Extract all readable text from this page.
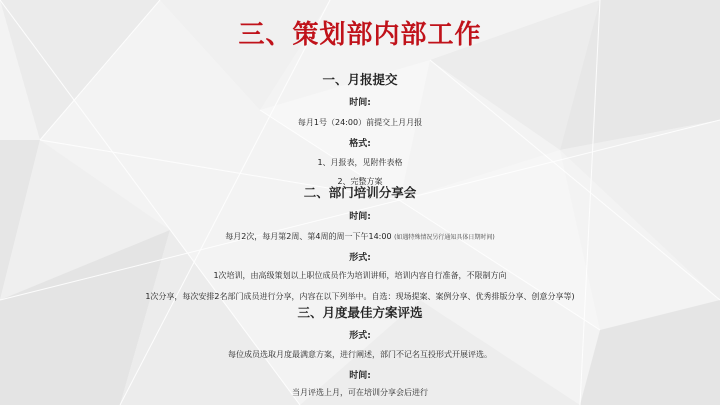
三、策划部内部工作
一、月报提交
时间:
每月1号（24:00）前提交上月月报
格式:
1、月报表，见附件表格
2、完整方案
二、部门培训分享会
时间:
每月2次，每月第2周、第4周的周一下午14:00 (如遇特殊情况另行通知具体日期时间)
形式:
1次培训，由高级策划以上职位成员作为培训讲师，培训内容自行准备，不限制方向
1次分享，每次安排2名部门成员进行分享，内容在以下列举中。自选：现场提案、案例分享、优秀排版分享、创意分享等)
三、月度最佳方案评选
形式:
每位成员选取月度最满意方案，进行阐述，部门不记名互投形式开展评选。
时间:
当月评选上月，可在培训分享会后进行
